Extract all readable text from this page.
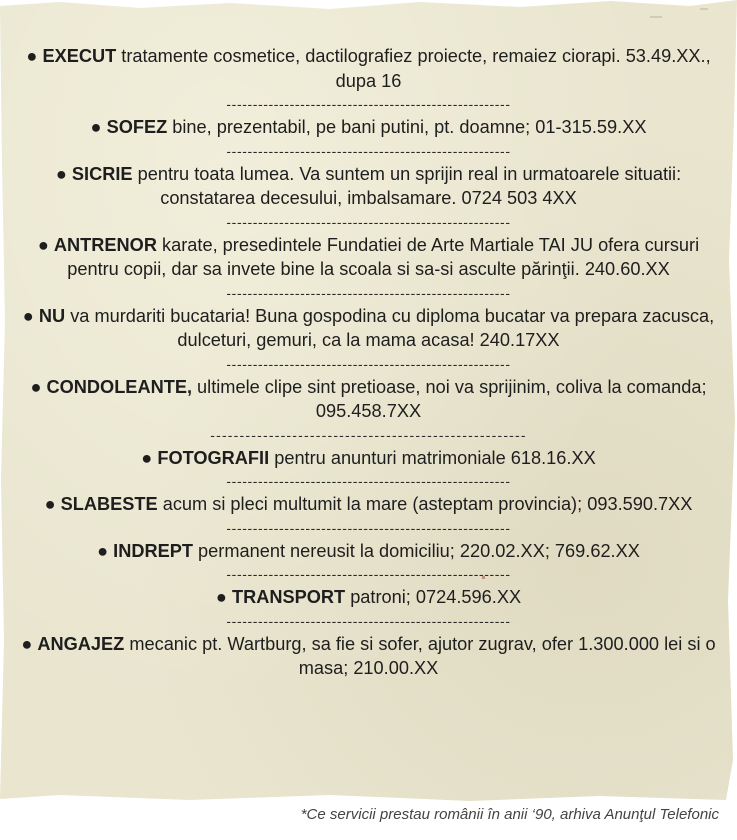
● EXECUT tratamente cosmetice, dactilografiez proiecte, remaiez ciorapi. 53.49.XX., dupa 16

------------------------------------------------------

● SOFEZ bine, prezentabil, pe bani putini, pt. doamne; 01-315.59.XX

------------------------------------------------------

● SICRIE pentru toata lumea. Va suntem un sprijin real in urmatoarele situatii: constatarea decesului, imbalsamare. 0724 503 4XX

------------------------------------------------------

● ANTRENOR karate, presedintele Fundatiei de Arte Martiale TAI JU ofera cursuri pentru copii, dar sa invete bine la scoala si sa-si asculte părinţii. 240.60.XX

------------------------------------------------------

● NU va murdariti bucataria! Buna gospodina cu diploma bucatar va prepara zacusca, dulceturi, gemuri, ca la mama acasa! 240.17XX

------------------------------------------------------

● CONDOLEANTE, ultimele clipe sint pretioase, noi va sprijinim, coliva la comanda; 095.458.7XX

------------------------------------------------------

● FOTOGRAFII pentru anunturi matrimoniale 618.16.XX

------------------------------------------------------

● SLABESTE acum si pleci multumit la mare (asteptam provincia); 093.590.7XX

------------------------------------------------------

● INDREPT permanent nereusit la domiciliu; 220.02.XX; 769.62.XX

------------------------------------------------------

● TRANSPORT patroni; 0724.596.XX

------------------------------------------------------

● ANGAJEZ mecanic pt. Wartburg, sa fie si sofer, ajutor zugrav, ofer 1.300.000 lei si o masa; 210.00.XX

*Ce servicii prestau românii în anii ‘90, arhiva Anunţul Telefonic
